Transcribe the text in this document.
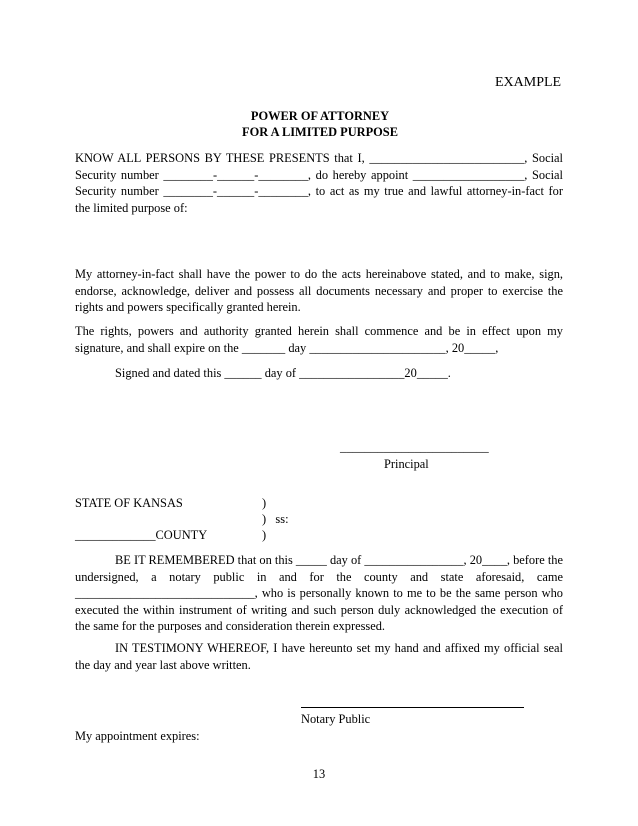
EXAMPLE
POWER OF ATTORNEY
FOR A LIMITED PURPOSE
KNOW ALL PERSONS BY THESE PRESENTS that I, _________________________, Social Security number ________-______-________, do hereby appoint __________________, Social Security number ________-______-________, to act as my true and lawful attorney-in-fact for the limited purpose of:
My attorney-in-fact shall have the power to do the acts hereinabove stated, and to make, sign, endorse, acknowledge, deliver and possess all documents necessary and proper to exercise the rights and powers specifically granted herein.
The rights, powers and authority granted herein shall commence and be in effect upon my signature, and shall expire on the _______ day ______________________, 20_____,
Signed and dated this ______ day of _________________20_____.
________________________
Principal
STATE OF KANSAS	)
)   ss:
_____________COUNTY	)
BE IT REMEMBERED that on this _____ day of ________________, 20____, before the undersigned, a notary public in and for the county and state aforesaid, came _____________________________, who is personally known to me to be the same person who executed the within instrument of writing and such person duly acknowledged the execution of the same for the purposes and consideration therein expressed.
IN TESTIMONY WHEREOF, I have hereunto set my hand and affixed my official seal the day and year last above written.
Notary Public
My appointment expires:
13
